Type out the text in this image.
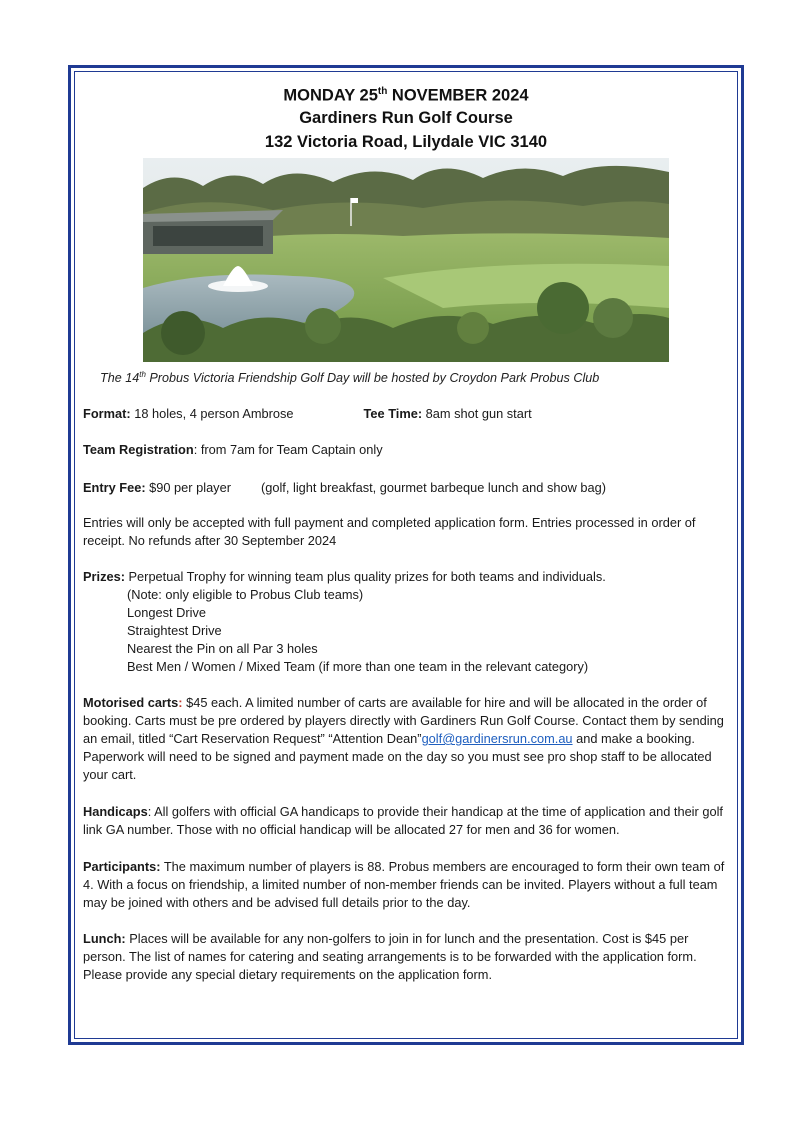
MONDAY 25th NOVEMBER 2024
Gardiners Run Golf Course
132 Victoria Road, Lilydale VIC 3140
The 14th Probus Victoria Friendship Golf Day will be hosted by Croydon Park Probus Club
Format: 18 holes, 4 person Ambrose	Tee Time: 8am shot gun start
Team Registration: from 7am for Team Captain only
Entry Fee: $90 per player (golf, light breakfast, gourmet barbeque lunch and show bag)
Entries will only be accepted with full payment and completed application form. Entries processed in order of receipt. No refunds after 30 September 2024
Prizes: Perpetual Trophy for winning team plus quality prizes for both teams and individuals.
(Note: only eligible to Probus Club teams)
Longest Drive
Straightest Drive
Nearest the Pin on all Par 3 holes
Best Men / Women / Mixed Team (if more than one team in the relevant category)
Motorised carts: $45 each. A limited number of carts are available for hire and will be allocated in the order of booking. Carts must be pre ordered by players directly with Gardiners Run Golf Course. Contact them by sending an email, titled “Cart Reservation Request” “Attention Dean”golf@gardinersrun.com.au and make a booking. Paperwork will need to be signed and payment made on the day so you must see pro shop staff to be allocated your cart.
Handicaps: All golfers with official GA handicaps to provide their handicap at the time of application and their golf link GA number. Those with no official handicap will be allocated 27 for men and 36 for women.
Participants: The maximum number of players is 88. Probus members are encouraged to form their own team of 4. With a focus on friendship, a limited number of non-member friends can be invited. Players without a full team may be joined with others and be advised full details prior to the day.
Lunch: Places will be available for any non-golfers to join in for lunch and the presentation. Cost is $45 per person. The list of names for catering and seating arrangements is to be forwarded with the application form. Please provide any special dietary requirements on the application form.
